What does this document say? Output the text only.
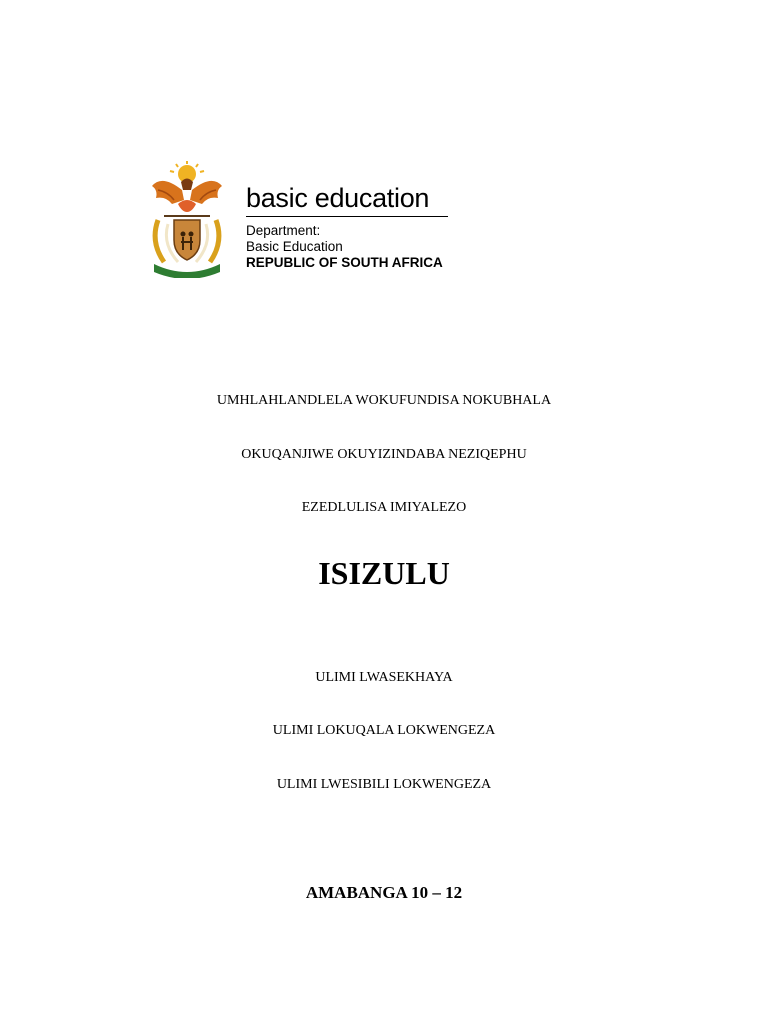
!KE E: /XARRA //KE
basic education
Department:
Basic Education
REPUBLIC OF SOUTH AFRICA
UMHLAHLANDLELA WOKUFUNDISA NOKUBHALA
OKUQANJIWE OKUYIZINDABA NEZIQEPHU
EZEDLULISA IMIYALEZO
ISIZULU
ULIMI LWASEKHAYA
ULIMI LOKUQALA LOKWENGEZA
ULIMI LWESIBILI LOKWENGEZA
AMABANGA 10 – 12
